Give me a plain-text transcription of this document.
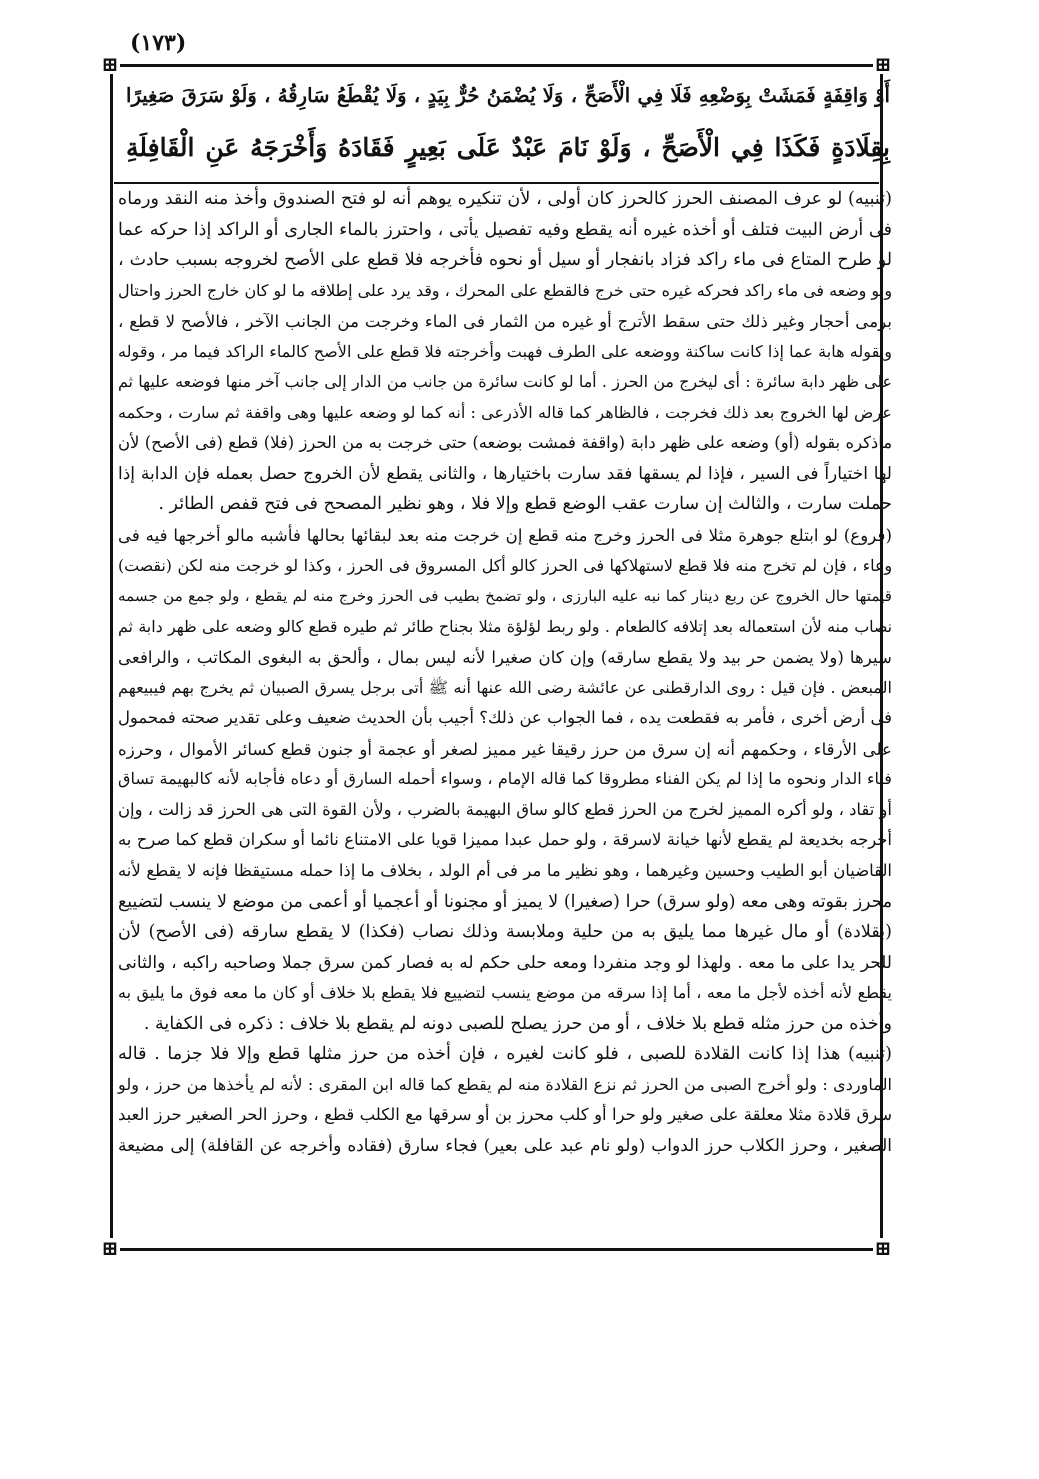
(١٧٣)
⊞	⊞
⊞	⊞

أَوْ وَاقِفَةٍ فَمَشَتْ بِوَضْعِهِ فَلَا فِي الْأَصَحِّ ، وَلَا يُضْمَنُ حُرٌّ بِيَدٍ ، وَلَا يُقْطَعُ سَارِقُهُ ، وَلَوْ سَرَقَ صَغِيرًا

بِقِلَادَةٍ فَكَذَا فِي الْأَصَحِّ ، وَلَوْ نَامَ عَبْدٌ عَلَى بَعِيرٍ فَقَادَهُ وَأَخْرَجَهُ عَنِ الْقَافِلَةِ

(تنبيه) لو عرف المصنف الحرز كالحرز كان أولى ، لأن تنكيره يوهم أنه لو فتح الصندوق وأخذ منه النقد ورماه

فى أرض البيت فتلف أو أخذه غيره أنه يقطع وفيه تفصيل يأتى ، واحترز بالماء الجارى أو الراكد إذا حركه عما

لو طرح المتاع فى ماء راكد فزاد بانفجار أو سيل أو نحوه فأخرجه فلا قطع على الأصح لخروجه بسبب حادث ،

ولو وضعه فى ماء راكد فحركه غيره حتى خرج فالقطع على المحرك ، وقد يرد على إطلاقه ما لو كان خارج الحرز واحتال

برمى أحجار وغير ذلك حتى سقط الأترج أو غيره من الثمار فى الماء وخرجت من الجانب الآخر ، فالأصح لا قطع ،

ويقوله هابة عما إذا كانت ساكنة ووضعه على الطرف فهبت وأخرجته فلا قطع على الأصح كالماء الراكد فيما مر ، وقوله

على ظهر دابة سائرة : أى ليخرج من الحرز . أما لو كانت سائرة من جانب من الدار إلى جانب آخر منها فوضعه عليها ثم

عرض لها الخروج بعد ذلك فخرجت ، فالظاهر كما قاله الأذرعى : أنه كما لو وضعه عليها وهى واقفة ثم سارت ، وحكمه

ماذكره بقوله (أو) وضعه على ظهر دابة (واقفة فمشت بوضعه) حتى خرجت به من الحرز (فلا) قطع (فى الأصح) لأن

لها اختياراً فى السير ، فإذا لم يسقها فقد سارت باختيارها ، والثانى يقطع لأن الخروج حصل بعمله فإن الدابة إذا

حملت سارت ، والثالث إن سارت عقب الوضع قطع وإلا فلا ، وهو نظير المصحح فى فتح قفص الطائر .

(فروع) لو ابتلع جوهرة مثلا فى الحرز وخرج منه قطع إن خرجت منه بعد لبقائها بحالها فأشبه مالو أخرجها فيه فى

وعاء ، فإن لم تخرج منه فلا قطع لاستهلاكها فى الحرز كالو أكل المسروق فى الحرز ، وكذا لو خرجت منه لكن (نقصت)

قيمتها حال الخروج عن ربع دينار كما نبه عليه البارزى ، ولو تضمخ بطيب فى الحرز وخرج منه لم يقطع ، ولو جمع من جسمه

نصاب منه لأن استعماله بعد إتلافه كالطعام . ولو ربط لؤلؤة مثلا بجناح طائر ثم طيره قطع كالو وضعه على ظهر دابة ثم

سيرها (ولا يضمن حر بيد ولا يقطع سارقه) وإن كان صغيرا لأنه ليس بمال ، وألحق به البغوى المكاتب ، والرافعى

المبعض . فإن قيل : روى الدارقطنى عن عائشة رضى الله عنها أنه ﷺ أتى برجل يسرق الصبيان ثم يخرج بهم فيبيعهم

فى أرض أخرى ، فأمر به فقطعت يده ، فما الجواب عن ذلك؟ أجيب بأن الحديث ضعيف وعلى تقدير صحته فمحمول

على الأرقاء ، وحكمهم أنه إن سرق من حرز رقيقا غير مميز لصغر أو عجمة أو جنون قطع كسائر الأموال ، وحرزه

فناء الدار ونحوه ما إذا لم يكن الفناء مطروقا كما قاله الإمام ، وسواء أحمله السارق أو دعاه فأجابه لأنه كالبهيمة تساق

أو تقاد ، ولو أكره المميز لخرج من الحرز قطع كالو ساق البهيمة بالضرب ، ولأن القوة التى هى الحرز قد زالت ، وإن

أخرجه بخديعة لم يقطع لأنها خيانة لاسرقة ، ولو حمل عبدا مميزا قويا على الامتناع نائما أو سكران قطع كما صرح به

القاضيان أبو الطيب وحسين وغيرهما ، وهو نظير ما مر فى أم الولد ، بخلاف ما إذا حمله مستيقظا فإنه لا يقطع لأنه

محرز بقوته وهى معه (ولو سرق) حرا (صغيرا) لا يميز أو مجنونا أو أعجميا أو أعمى من موضع لا ينسب لتضييع

(بقلادة) أو مال غيرها مما يليق به من حلية وملابسة وذلك نصاب (فكذا) لا يقطع سارقه (فى الأصح) لأن

للحر يدا على ما معه . ولهذا لو وجد منفردا ومعه حلى حكم له به فصار كمن سرق جملا وصاحبه راكبه ، والثانى

يقطع لأنه أخذه لأجل ما معه ، أما إذا سرقه من موضع ينسب لتضييع فلا يقطع بلا خلاف أو كان ما معه فوق ما يليق به

وأخذه من حرز مثله قطع بلا خلاف ، أو من حرز يصلح للصبى دونه لم يقطع بلا خلاف : ذكره فى الكفاية .

(تنبيه) هذا إذا كانت القلادة للصبى ، فلو كانت لغيره ، فإن أخذه من حرز مثلها قطع وإلا فلا جزما . قاله

الماوردى : ولو أخرج الصبى من الحرز ثم نزع القلادة منه لم يقطع كما قاله ابن المقرى : لأنه لم يأخذها من حرز ، ولو

سرق قلادة مثلا معلقة على صغير ولو حرا أو كلب محرز بن أو سرقها مع الكلب قطع ، وحرز الحر الصغير حرز العبد

الصغير ، وحرز الكلاب حرز الدواب (ولو نام عبد على بعير) فجاء سارق (فقاده وأخرجه عن القافلة) إلى مضيعة
